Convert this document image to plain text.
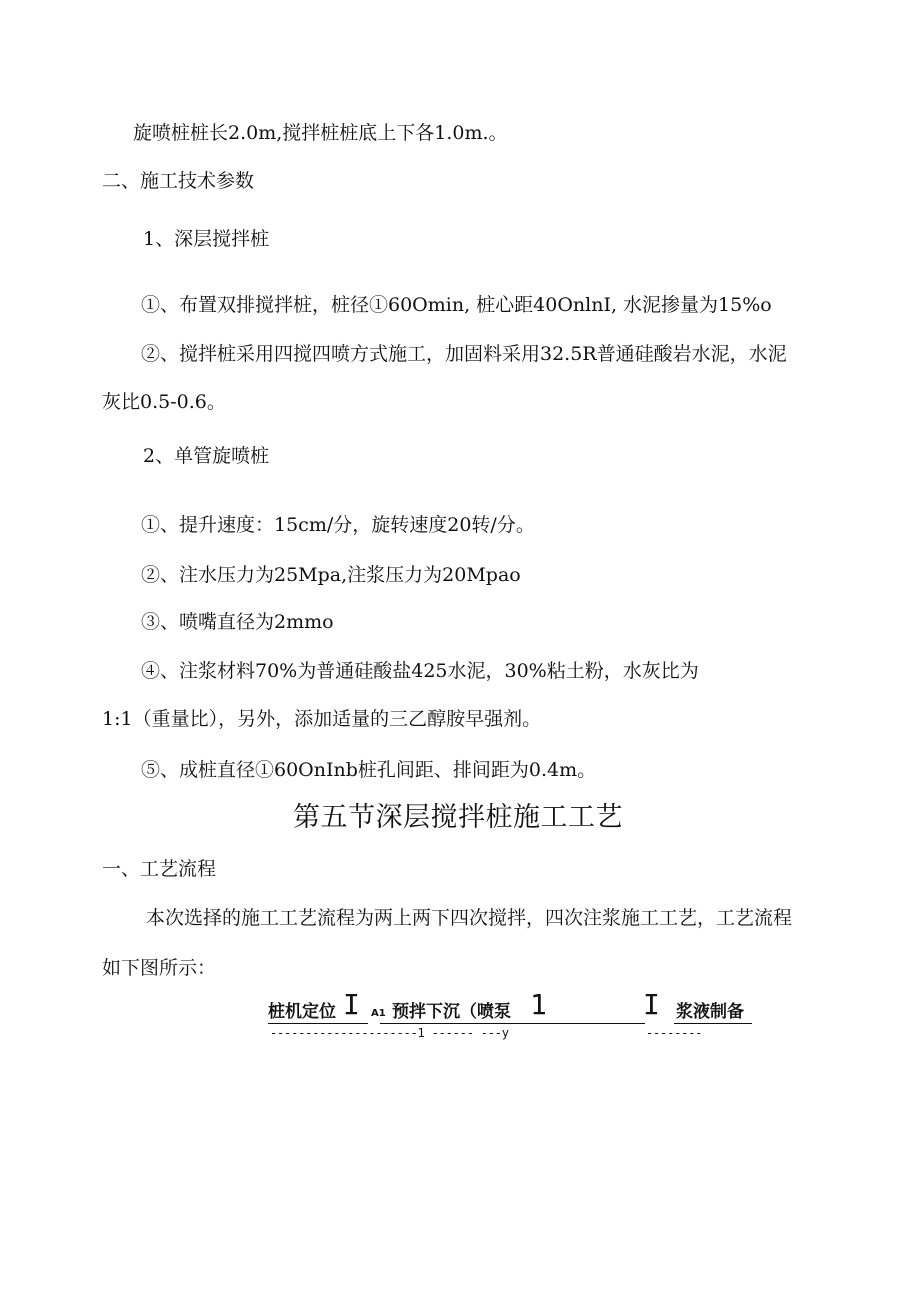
旋喷桩桩长2.0m,搅拌桩桩底上下各1.0m.。
二、施工技术参数
1、深层搅拌桩
①、布置双排搅拌桩，桩径①60Omin, 桩心距40OnlnI, 水泥掺量为15%o
②、搅拌桩采用四搅四喷方式施工，加固料采用32.5R普通硅酸岩水泥，水泥
灰比0.5-0.6。
2、单管旋喷桩
①、提升速度：15cm∕分，旋转速度20转/分。
②、注水压力为25Mpa,注浆压力为20Mpao
③、喷嘴直径为2mmo
④、注浆材料70%为普通硅酸盐425水泥，30%粘土粉，水灰比为
1:1（重量比），另外，添加适量的三乙醇胺早强剂。
⑤、成桩直径①60OnInb桩孔间距、排间距为0.4m。
第五节深层搅拌桩施工工艺
一、工艺流程
本次选择的施工工艺流程为两上两下四次搅拌，四次注浆施工工艺，工艺流程
如下图所示：
桩机定位 I A1 预拌下沉（喷泵 1	I 浆液制备
---------------------1 ------ ---y	--------
